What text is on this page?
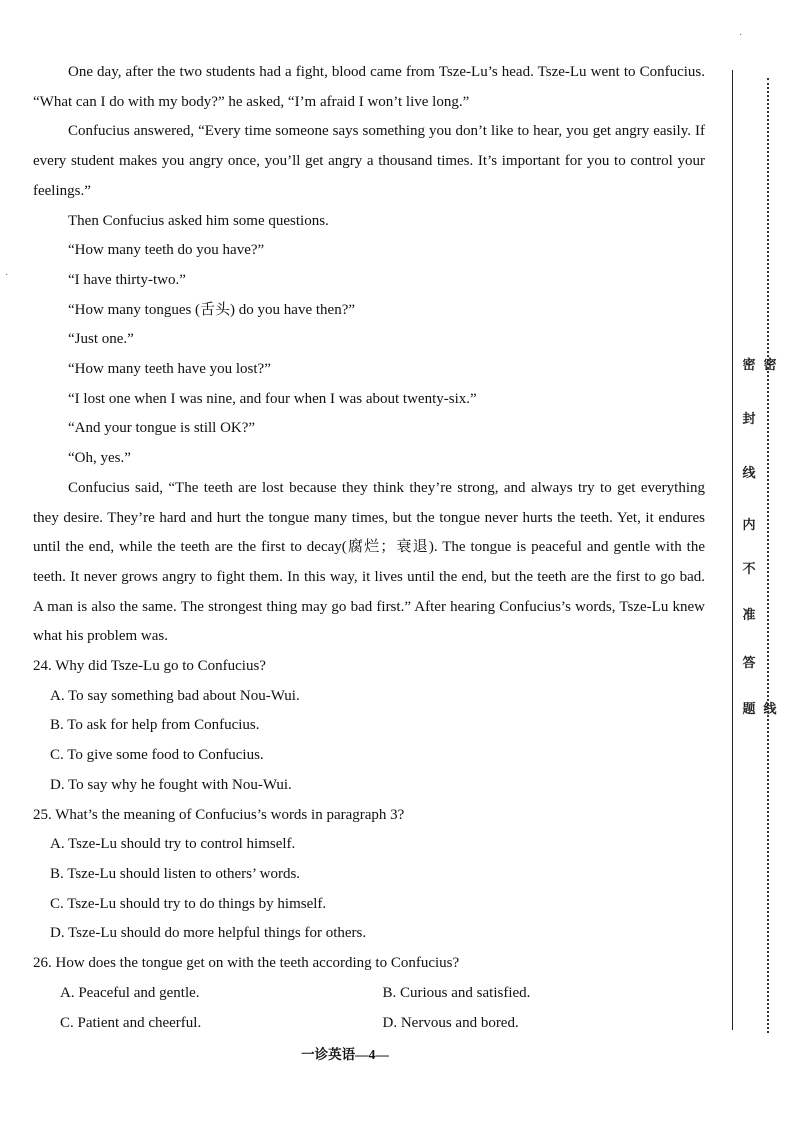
One day, after the two students had a fight, blood came from Tsze-Lu’s head. Tsze-Lu went to Confucius. “What can I do with my body?” he asked, “I’m afraid I won’t live long.”

Confucius answered, “Every time someone says something you don’t like to hear, you get angry easily. If every student makes you angry once, you’ll get angry a thousand times. It’s important for you to control your feelings.”

Then Confucius asked him some questions.

“How many teeth do you have?”

“I have thirty-two.”

“How many tongues (舌头) do you have then?”

“Just one.”

“How many teeth have you lost?”

“I lost one when I was nine, and four when I was about twenty-six.”

“And your tongue is still OK?”

“Oh, yes.”

Confucius said, “The teeth are lost because they think they’re strong, and always try to get everything they desire. They’re hard and hurt the tongue many times, but the tongue never hurts the teeth. Yet, it endures until the end, while the teeth are the first to decay(腐烂；衰退). The tongue is peaceful and gentle with the teeth. It never grows angry to fight them. In this way, it lives until the end, but the teeth are the first to go bad. A man is also the same. The strongest thing may go bad first.” After hearing Confucius’s words, Tsze-Lu knew what his problem was.

24. Why did Tsze-Lu go to Confucius?

A. To say something bad about Nou-Wui.

B. To ask for help from Confucius.

C. To give some food to Confucius.

D. To say why he fought with Nou-Wui.

25. What’s the meaning of Confucius’s words in paragraph 3?

A. Tsze-Lu should try to control himself.

B. Tsze-Lu should listen to others’ words.

C. Tsze-Lu should try to do things by himself.

D. Tsze-Lu should do more helpful things for others.

26. How does the tongue get on with the teeth according to Confucius?

A. Peaceful and gentle.	B. Curious and satisfied.
C. Patient and cheerful.	D. Nervous and bored.
一诊英语—4—
密 密
封
线
内
不
准
答
题 线
·
·
